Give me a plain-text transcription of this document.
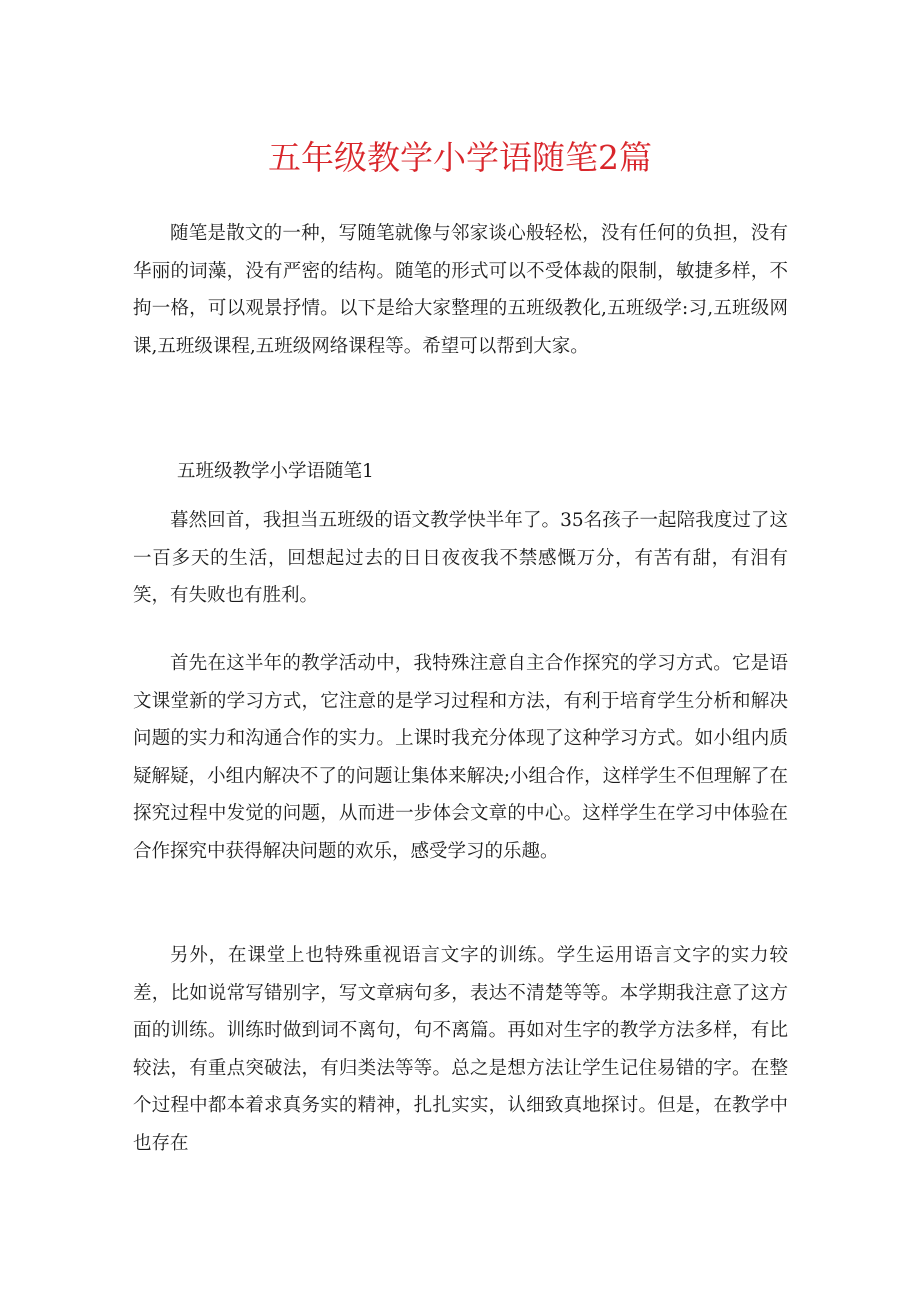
五年级教学小学语随笔2篇

随笔是散文的一种，写随笔就像与邻家谈心般轻松，没有任何的负担，没有华丽的词藻，没有严密的结构。随笔的形式可以不受体裁的限制，敏捷多样，不拘一格，可以观景抒情。以下是给大家整理的五班级教化,五班级学:习,五班级网课,五班级课程,五班级网络课程等。希望可以帮到大家。

五班级教学小学语随笔1

暮然回首，我担当五班级的语文教学快半年了。35名孩子一起陪我度过了这一百多天的生活，回想起过去的日日夜夜我不禁感慨万分，有苦有甜，有泪有笑，有失败也有胜利。

首先在这半年的教学活动中，我特殊注意自主合作探究的学习方式。它是语文课堂新的学习方式，它注意的是学习过程和方法，有利于培育学生分析和解决问题的实力和沟通合作的实力。上课时我充分体现了这种学习方式。如小组内质疑解疑，小组内解决不了的问题让集体来解决;小组合作，这样学生不但理解了在探究过程中发觉的问题，从而进一步体会文章的中心。这样学生在学习中体验在合作探究中获得解决问题的欢乐，感受学习的乐趣。

另外，在课堂上也特殊重视语言文字的训练。学生运用语言文字的实力较差，比如说常写错别字，写文章病句多，表达不清楚等等。本学期我注意了这方面的训练。训练时做到词不离句，句不离篇。再如对生字的教学方法多样，有比较法，有重点突破法，有归类法等等。总之是想方法让学生记住易错的字。在整个过程中都本着求真务实的精神，扎扎实实，认细致真地探讨。但是，在教学中也存在
